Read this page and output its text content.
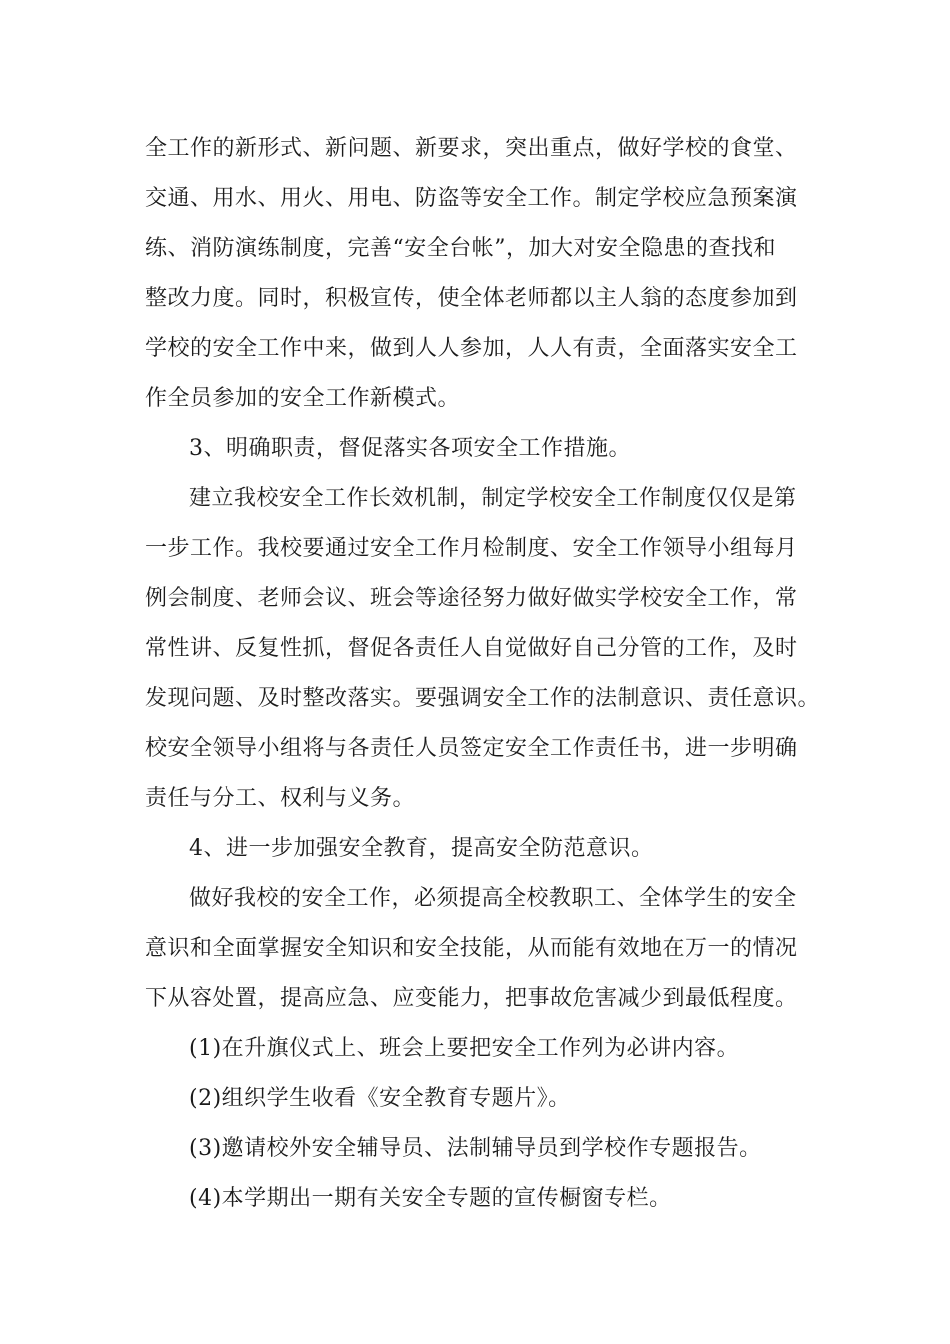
全工作的新形式、新问题、新要求，突出重点，做好学校的食堂、
交通、用水、用火、用电、防盗等安全工作。制定学校应急预案演
练、消防演练制度，完善“安全台帐”，加大对安全隐患的查找和
整改力度。同时，积极宣传，使全体老师都以主人翁的态度参加到
学校的安全工作中来，做到人人参加，人人有责，全面落实安全工
作全员参加的安全工作新模式。
3、明确职责，督促落实各项安全工作措施。
建立我校安全工作长效机制，制定学校安全工作制度仅仅是第
一步工作。我校要通过安全工作月检制度、安全工作领导小组每月
例会制度、老师会议、班会等途径努力做好做实学校安全工作，常
常性讲、反复性抓，督促各责任人自觉做好自己分管的工作，及时
发现问题、及时整改落实。要强调安全工作的法制意识、责任意识。
校安全领导小组将与各责任人员签定安全工作责任书，进一步明确
责任与分工、权利与义务。
4、进一步加强安全教育，提高安全防范意识。
做好我校的安全工作，必须提高全校教职工、全体学生的安全
意识和全面掌握安全知识和安全技能，从而能有效地在万一的情况
下从容处置，提高应急、应变能力，把事故危害减少到最低程度。
(1)在升旗仪式上、班会上要把安全工作列为必讲内容。
(2)组织学生收看《安全教育专题片》。
(3)邀请校外安全辅导员、法制辅导员到学校作专题报告。
(4)本学期出一期有关安全专题的宣传橱窗专栏。
